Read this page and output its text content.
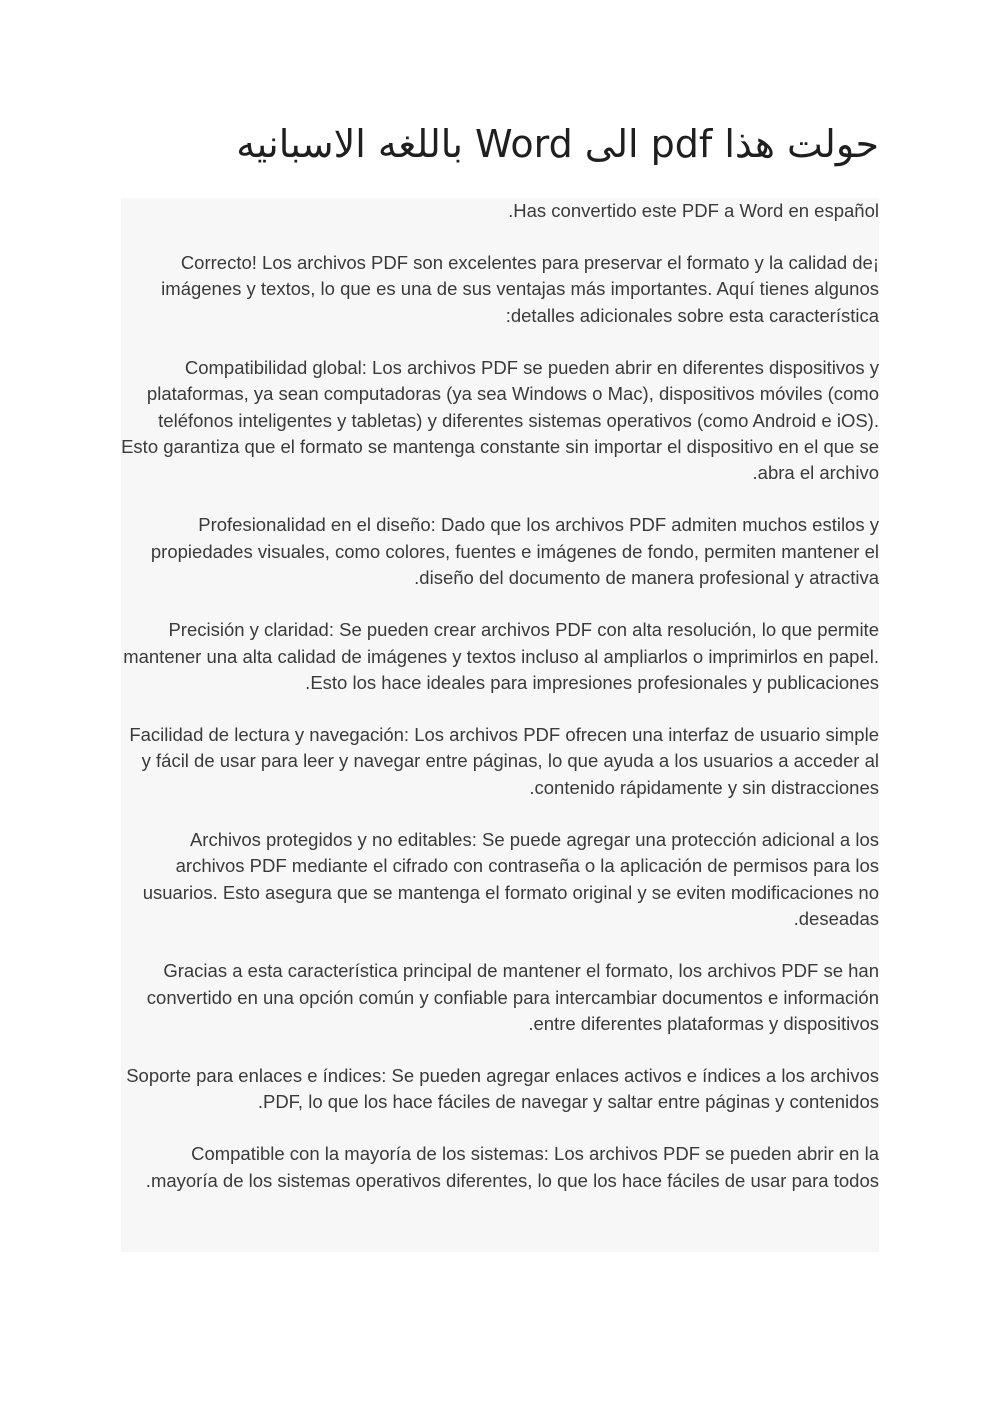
حولت هذا pdf الى Word باللغه الاسبانيه

Has convertido este PDF a Word en español.

¡Correcto! Los archivos PDF son excelentes para preservar el formato y la calidad de imágenes y textos, lo que es una de sus ventajas más importantes. Aquí tienes algunos detalles adicionales sobre esta característica:

Compatibilidad global: Los archivos PDF se pueden abrir en diferentes dispositivos y plataformas, ya sean computadoras (ya sea Windows o Mac), dispositivos móviles (como teléfonos inteligentes y tabletas) y diferentes sistemas operativos (como Android e iOS). Esto garantiza que el formato se mantenga constante sin importar el dispositivo en el que se abra el archivo.

Profesionalidad en el diseño: Dado que los archivos PDF admiten muchos estilos y propiedades visuales, como colores, fuentes e imágenes de fondo, permiten mantener el diseño del documento de manera profesional y atractiva.

Precisión y claridad: Se pueden crear archivos PDF con alta resolución, lo que permite mantener una alta calidad de imágenes y textos incluso al ampliarlos o imprimirlos en papel. Esto los hace ideales para impresiones profesionales y publicaciones.

Facilidad de lectura y navegación: Los archivos PDF ofrecen una interfaz de usuario simple y fácil de usar para leer y navegar entre páginas, lo que ayuda a los usuarios a acceder al contenido rápidamente y sin distracciones.

Archivos protegidos y no editables: Se puede agregar una protección adicional a los archivos PDF mediante el cifrado con contraseña o la aplicación de permisos para los usuarios. Esto asegura que se mantenga el formato original y se eviten modificaciones no deseadas.

Gracias a esta característica principal de mantener el formato, los archivos PDF se han convertido en una opción común y confiable para intercambiar documentos e información entre diferentes plataformas y dispositivos.

Soporte para enlaces e índices: Se pueden agregar enlaces activos e índices a los archivos PDF, lo que los hace fáciles de navegar y saltar entre páginas y contenidos.

Compatible con la mayoría de los sistemas: Los archivos PDF se pueden abrir en la mayoría de los sistemas operativos diferentes, lo que los hace fáciles de usar para todos.
